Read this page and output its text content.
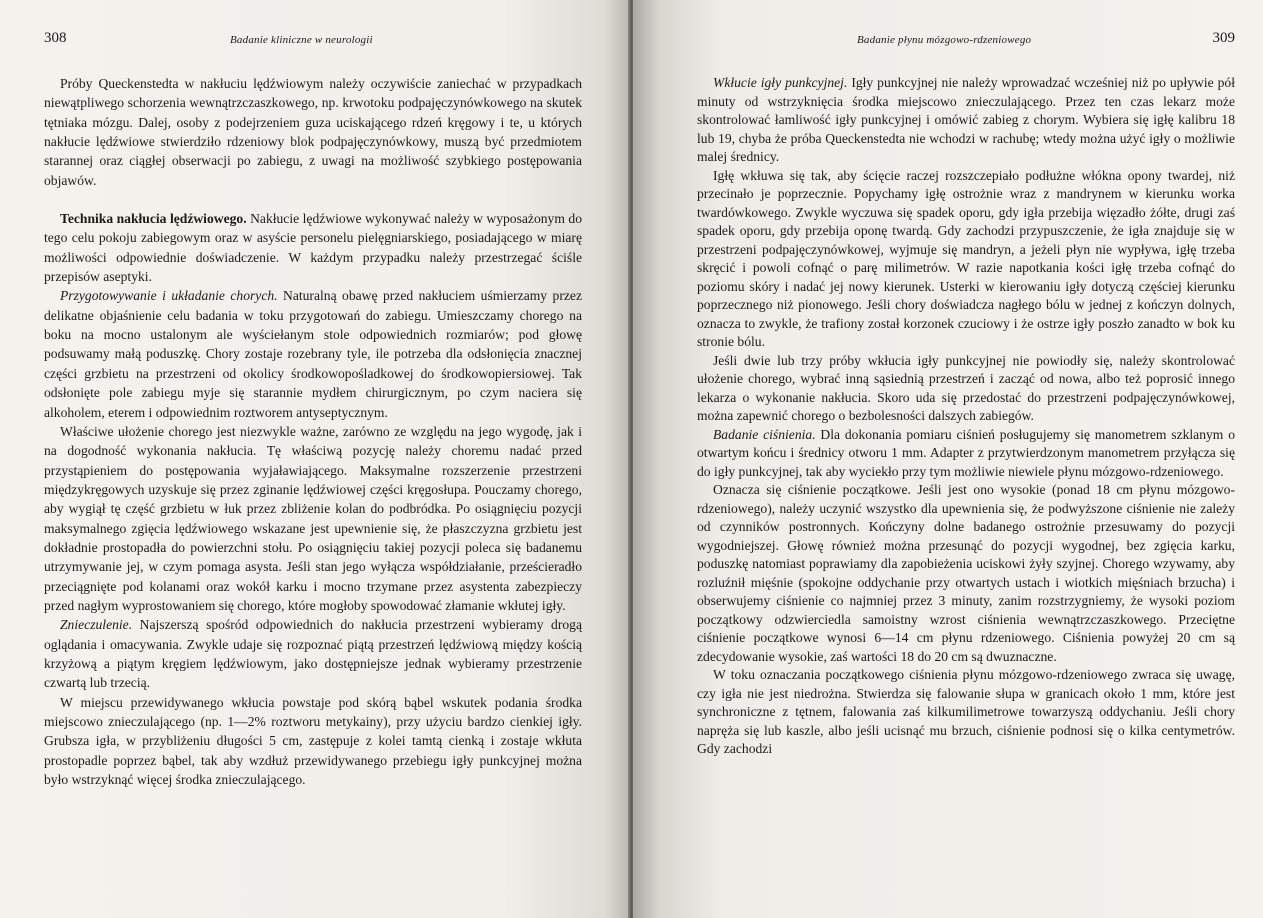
308	Badanie kliniczne w neurologii

Próby Queckenstedta w nakłuciu lędźwiowym należy oczywiście zaniechać w przypadkach niewątpliwego schorzenia wewnątrzczaszkowego, np. krwotoku podpajęczynówkowego na skutek tętniaka mózgu. Dalej, osoby z podejrzeniem guza uciskającego rdzeń kręgowy i te, u których nakłucie lędźwiowe stwierdziło rdzeniowy blok podpajęczynówkowy, muszą być przedmiotem starannej oraz ciągłej obserwacji po zabiegu, z uwagi na możliwość szybkiego postępowania objawów.

Technika nakłucia lędźwiowego. Nakłucie lędźwiowe wykonywać należy w wyposażonym do tego celu pokoju zabiegowym oraz w asyście personelu pielęgniarskiego, posiadającego w miarę możliwości odpowiednie doświadczenie. W każdym przypadku należy przestrzegać ściśle przepisów aseptyki.

Przygotowywanie i układanie chorych. Naturalną obawę przed nakłuciem uśmierzamy przez delikatne objaśnienie celu badania w toku przygotowań do zabiegu. Umieszczamy chorego na boku na mocno ustalonym ale wyściełanym stole odpowiednich rozmiarów; pod głowę podsuwamy małą poduszkę. Chory zostaje rozebrany tyle, ile potrzeba dla odsłonięcia znacznej części grzbietu na przestrzeni od okolicy środkowopośladkowej do środkowopiersiowej. Tak odsłonięte pole zabiegu myje się starannie mydłem chirurgicznym, po czym naciera się alkoholem, eterem i odpowiednim roztworem antyseptycznym.

Właściwe ułożenie chorego jest niezwykle ważne, zarówno ze względu na jego wygodę, jak i na dogodność wykonania nakłucia. Tę właściwą pozycję należy choremu nadać przed przystąpieniem do postępowania wyjaławiającego. Maksymalne rozszerzenie przestrzeni międzykręgowych uzyskuje się przez zginanie lędźwiowej części kręgosłupa. Pouczamy chorego, aby wygiął tę część grzbietu w łuk przez zbliżenie kolan do podbródka. Po osiągnięciu pozycji maksymalnego zgięcia lędźwiowego wskazane jest upewnienie się, że płaszczyzna grzbietu jest dokładnie prostopadła do powierzchni stołu. Po osiągnięciu takiej pozycji poleca się badanemu utrzymywanie jej, w czym pomaga asysta. Jeśli stan jego wyłącza współdziałanie, prześcieradło przeciągnięte pod kolanami oraz wokół karku i mocno trzymane przez asystenta zabezpieczy przed nagłym wyprostowaniem się chorego, które mogłoby spowodować złamanie wkłutej igły.

Znieczulenie. Najszerszą spośród odpowiednich do nakłucia przestrzeni wybieramy drogą oglądania i omacywania. Zwykle udaje się rozpoznać piątą przestrzeń lędźwiową między kością krzyżową a piątym kręgiem lędźwiowym, jako dostępniejsze jednak wybieramy przestrzenie czwartą lub trzecią.

W miejscu przewidywanego wkłucia powstaje pod skórą bąbel wskutek podania środka miejscowo znieczulającego (np. 1—2% roztworu metykainy), przy użyciu bardzo cienkiej igły. Grubsza igła, w przybliżeniu długości 5 cm, zastępuje z kolei tamtą cienką i zostaje wkłuta prostopadle poprzez bąbel, tak aby wzdłuż przewidywanego przebiegu igły punkcyjnej można było wstrzyknąć więcej środka znieczulającego.

Badanie płynu mózgowo-rdzeniowego	309

Wkłucie igły punkcyjnej. Igły punkcyjnej nie należy wprowadzać wcześniej niż po upływie pół minuty od wstrzyknięcia środka miejscowo znieczulającego. Przez ten czas lekarz może skontrolować łamliwość igły punkcyjnej i omówić zabieg z chorym. Wybiera się igłę kalibru 18 lub 19, chyba że próba Queckenstedta nie wchodzi w rachubę; wtedy można użyć igły o możliwie malej średnicy.

Igłę wkłuwa się tak, aby ścięcie raczej rozszczepiało podłużne włókna opony twardej, niż przecinało je poprzecznie. Popychamy igłę ostrożnie wraz z mandrynem w kierunku worka twardówkowego. Zwykle wyczuwa się spadek oporu, gdy igła przebija więzadło żółte, drugi zaś spadek oporu, gdy przebija oponę twardą. Gdy zachodzi przypuszczenie, że igła znajduje się w przestrzeni podpajęczynówkowej, wyjmuje się mandryn, a jeżeli płyn nie wypływa, igłę trzeba skręcić i powoli cofnąć o parę milimetrów. W razie napotkania kości igłę trzeba cofnąć do poziomu skóry i nadać jej nowy kierunek. Usterki w kierowaniu igły dotyczą częściej kierunku poprzecznego niż pionowego. Jeśli chory doświadcza nagłego bólu w jednej z kończyn dolnych, oznacza to zwykle, że trafiony został korzonek czuciowy i że ostrze igły poszło zanadto w bok ku stronie bólu.

Jeśli dwie lub trzy próby wkłucia igły punkcyjnej nie powiodły się, należy skontrolować ułożenie chorego, wybrać inną sąsiednią przestrzeń i zacząć od nowa, albo też poprosić innego lekarza o wykonanie nakłucia. Skoro uda się przedostać do przestrzeni podpajęczynówkowej, można zapewnić chorego o bezbolesności dalszych zabiegów.

Badanie ciśnienia. Dla dokonania pomiaru ciśnień posługujemy się manometrem szklanym o otwartym końcu i średnicy otworu 1 mm. Adapter z przytwierdzonym manometrem przyłącza się do igły punkcyjnej, tak aby wyciekło przy tym możliwie niewiele płynu mózgowo-rdzeniowego.

Oznacza się ciśnienie początkowe. Jeśli jest ono wysokie (ponad 18 cm płynu mózgowo-rdzeniowego), należy uczynić wszystko dla upewnienia się, że podwyższone ciśnienie nie zależy od czynników postronnych. Kończyny dolne badanego ostrożnie przesuwamy do pozycji wygodniejszej. Głowę również można przesunąć do pozycji wygodnej, bez zgięcia karku, poduszkę natomiast poprawiamy dla zapobieżenia uciskowi żyły szyjnej. Chorego wzywamy, aby rozluźnił mięśnie (spokojne oddychanie przy otwartych ustach i wiotkich mięśniach brzucha) i obserwujemy ciśnienie co najmniej przez 3 minuty, zanim rozstrzygniemy, że wysoki poziom początkowy odzwierciedla samoistny wzrost ciśnienia wewnątrzczaszkowego. Przeciętne ciśnienie początkowe wynosi 6—14 cm płynu rdzeniowego. Ciśnienia powyżej 20 cm są zdecydowanie wysokie, zaś wartości 18 do 20 cm są dwuznaczne.

W toku oznaczania początkowego ciśnienia płynu mózgowo-rdzeniowego zwraca się uwagę, czy igła nie jest niedrożna. Stwierdza się falowanie słupa w granicach około 1 mm, które jest synchroniczne z tętnem, falowania zaś kilkumilimetrowe towarzyszą oddychaniu. Jeśli chory napręża się lub kaszle, albo jeśli ucisnąć mu brzuch, ciśnienie podnosi się o kilka centymetrów. Gdy zachodzi
